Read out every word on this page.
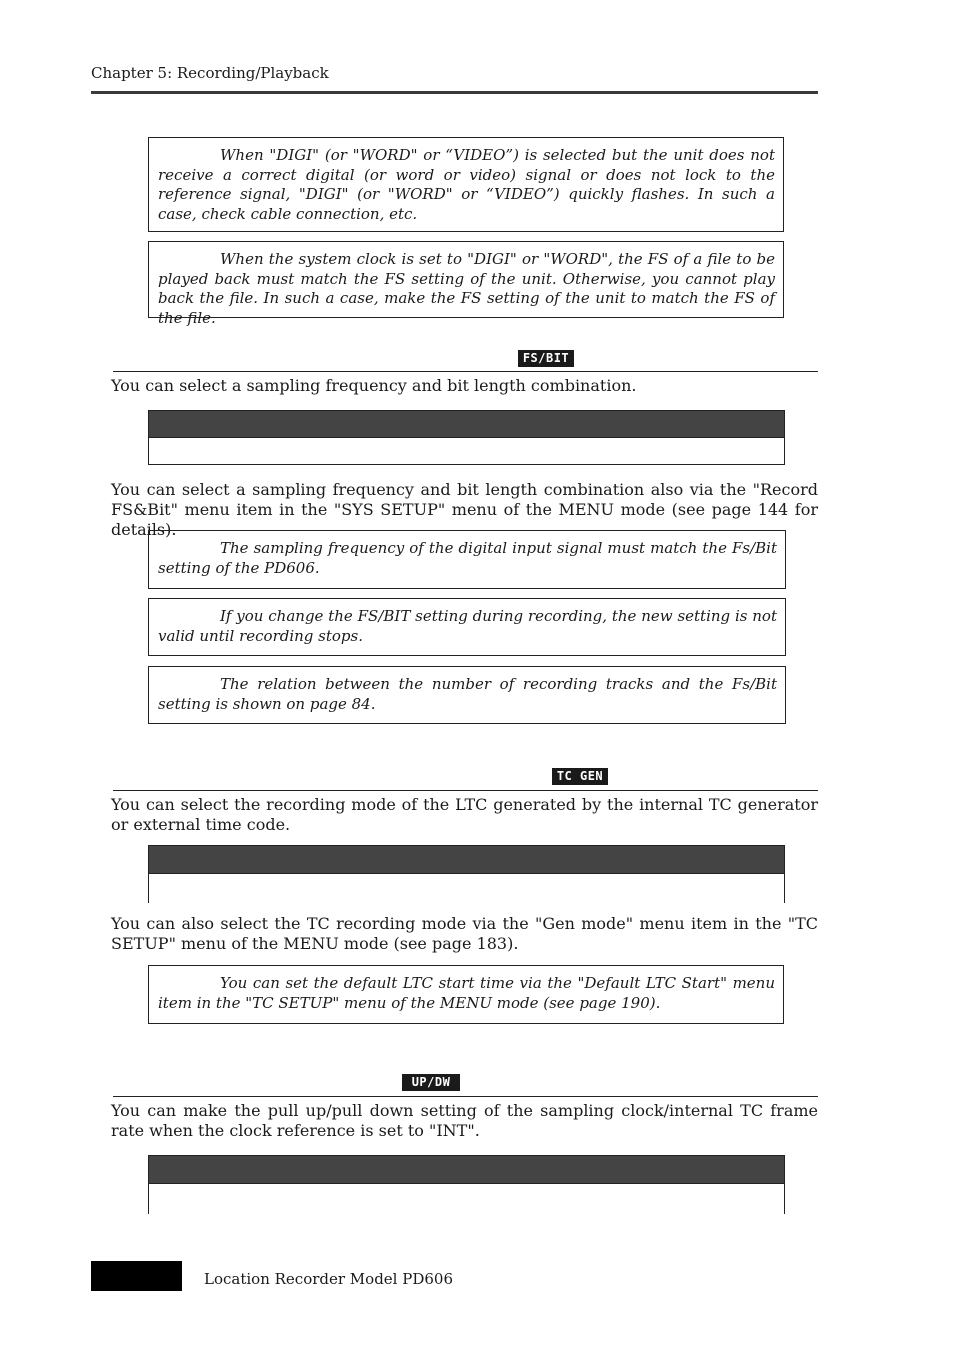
Chapter 5: Recording/Playback
When "DIGI" (or "WORD" or “VIDEO”) is selected but the unit does not receive a correct digital (or word or video) signal or does not lock to the reference signal, "DIGI" (or "WORD" or “VIDEO”) quickly flashes. In such a case, check cable connection, etc.
When the system clock is set to "DIGI" or "WORD", the FS of a file to be played back must match the FS setting of the unit. Otherwise, you cannot play back the file. In such a case, make the FS setting of the unit to match the FS of the file.
FS/BIT
You can select a sampling frequency and bit length combination.
You can select a sampling frequency and bit length combination also via the "Record FS&Bit" menu item in the "SYS SETUP" menu of the MENU mode (see page 144 for details).
The sampling frequency of the digital input signal must match the Fs/Bit setting of the PD606.
If you change the FS/BIT setting during recording, the new setting is not valid until recording stops.
The relation between the number of recording tracks and the Fs/Bit setting is shown on page 84.
TC GEN
You can select the recording mode of the LTC generated by the internal TC generator or external time code.
You can also select the TC recording mode via the "Gen mode" menu item in the "TC SETUP" menu of the MENU mode (see page 183).
You can set the default LTC start time via the "Default LTC Start" menu item in the "TC SETUP" menu of the MENU mode (see page 190).
UP/DW
You can make the pull up/pull down setting of the sampling clock/internal TC frame rate when the clock reference is set to "INT".
Location Recorder Model PD606
